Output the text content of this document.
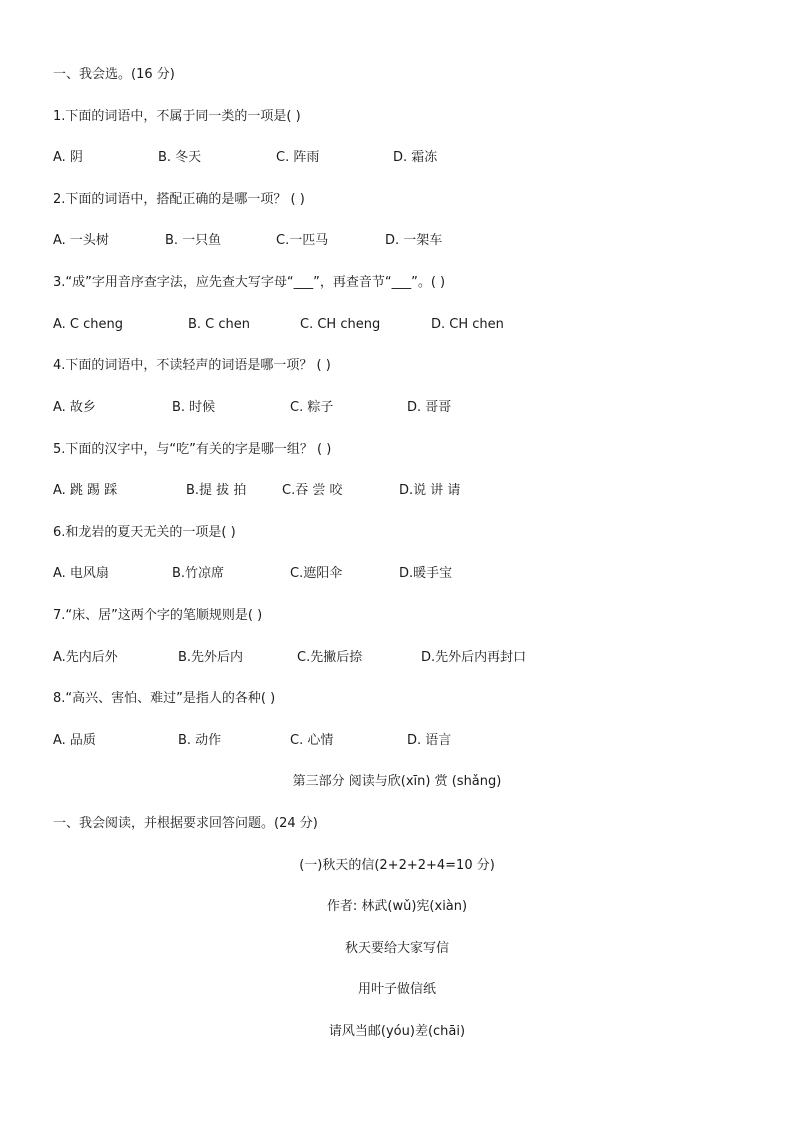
一、我会选。(16 分)
1.下面的词语中，不属于同一类的一项是( )
A. 阴	B. 冬天	C. 阵雨	D. 霜冻
2.下面的词语中，搭配正确的是哪一项？ ( )
A. 一头树	B. 一只鱼	C.一匹马	D. 一架车
3.“成”字用音序查字法，应先查大写字母“___”，再查音节“___”。( )
A. C cheng	B. C chen	C. CH cheng	D. CH chen
4.下面的词语中，不读轻声的词语是哪一项？ ( )
A. 故乡	B. 时候	C. 粽子	D. 哥哥
5.下面的汉字中，与“吃”有关的字是哪一组？ ( )
A. 跳 踢 踩	B.提 拔 拍	C.吞 尝 咬	D.说 讲 请
6.和龙岩的夏天无关的一项是( )
A. 电风扇	B.竹凉席	C.遮阳伞	D.暖手宝
7.“床、居”这两个字的笔顺规则是( )
A.先内后外	B.先外后内	C.先撇后捺	D.先外后内再封口
8.“高兴、害怕、难过”是指人的各种( )
A. 品质	B. 动作	C. 心情	D. 语言
第三部分 阅读与欣(xīn) 赏 (shǎng)
一、我会阅读，并根据要求回答问题。(24 分)
(一)秋天的信(2+2+2+4=10 分)
作者: 林武(wǔ)宪(xiàn)
秋天要给大家写信
用叶子做信纸
请风当邮(yóu)差(chāi)
